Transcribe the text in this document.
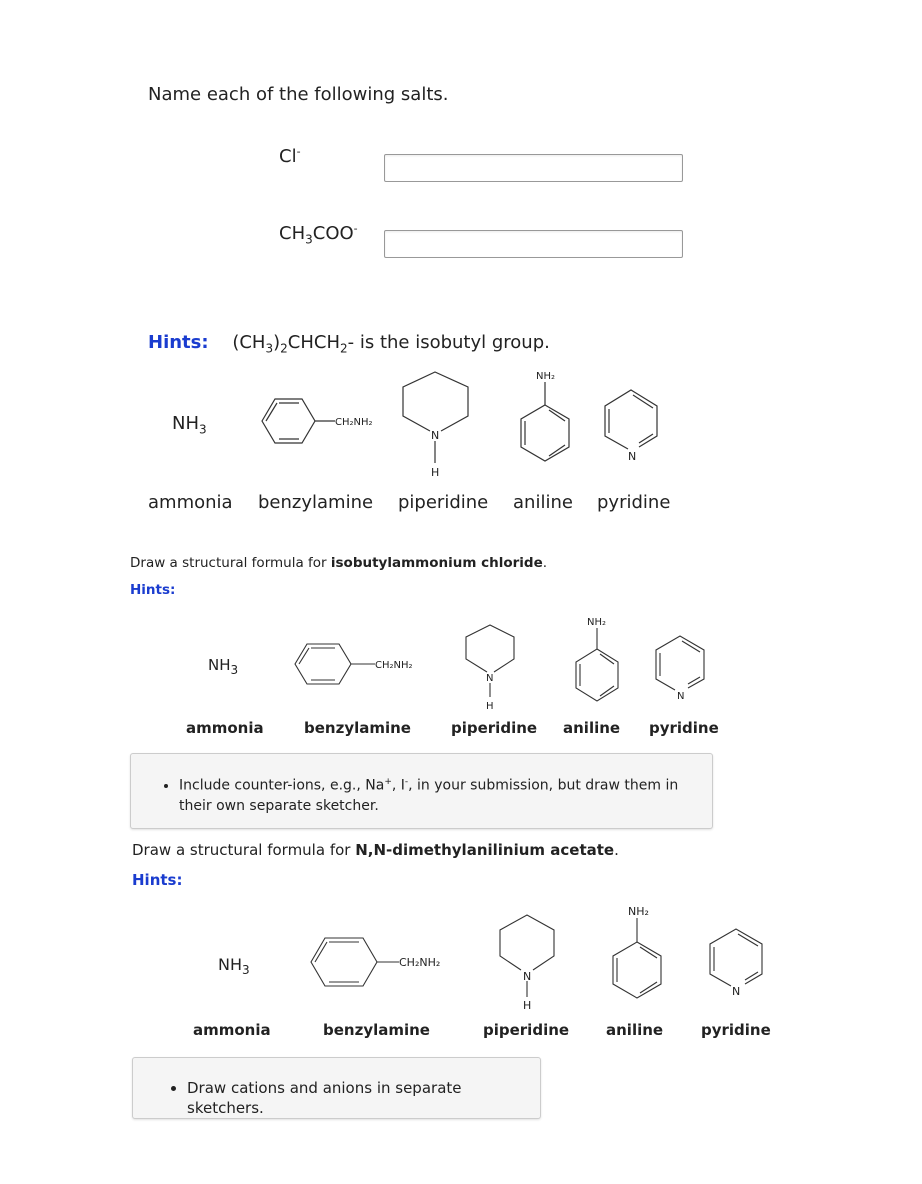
Name each of the following salts.
Cl-
$CH_3COO^-$
Hints: $(CH_3)_2CHCH_2-$ is the isobutyl group.
$NH_3$
CH₂NH₂
N
H
NH₂
N
ammonia benzylamine piperidine aniline pyridine
Draw a structural formula for isobutylammonium chloride.
Hints:
$NH_3$	CH₂NH₂
N
H
NH₂
N
ammonia	benzylamine	piperidine aniline pyridine
• Include counter-ions, e.g., Na+, I-, in your submission, but draw them in their own separate sketcher.
Draw a structural formula for N,N-dimethylanilinium acetate.
Hints:
$NH_3$
CH₂NH₂
N
H
NH₂
N
ammonia	benzylamine	piperidine aniline	pyridine
• Draw cations and anions in separate sketchers.
